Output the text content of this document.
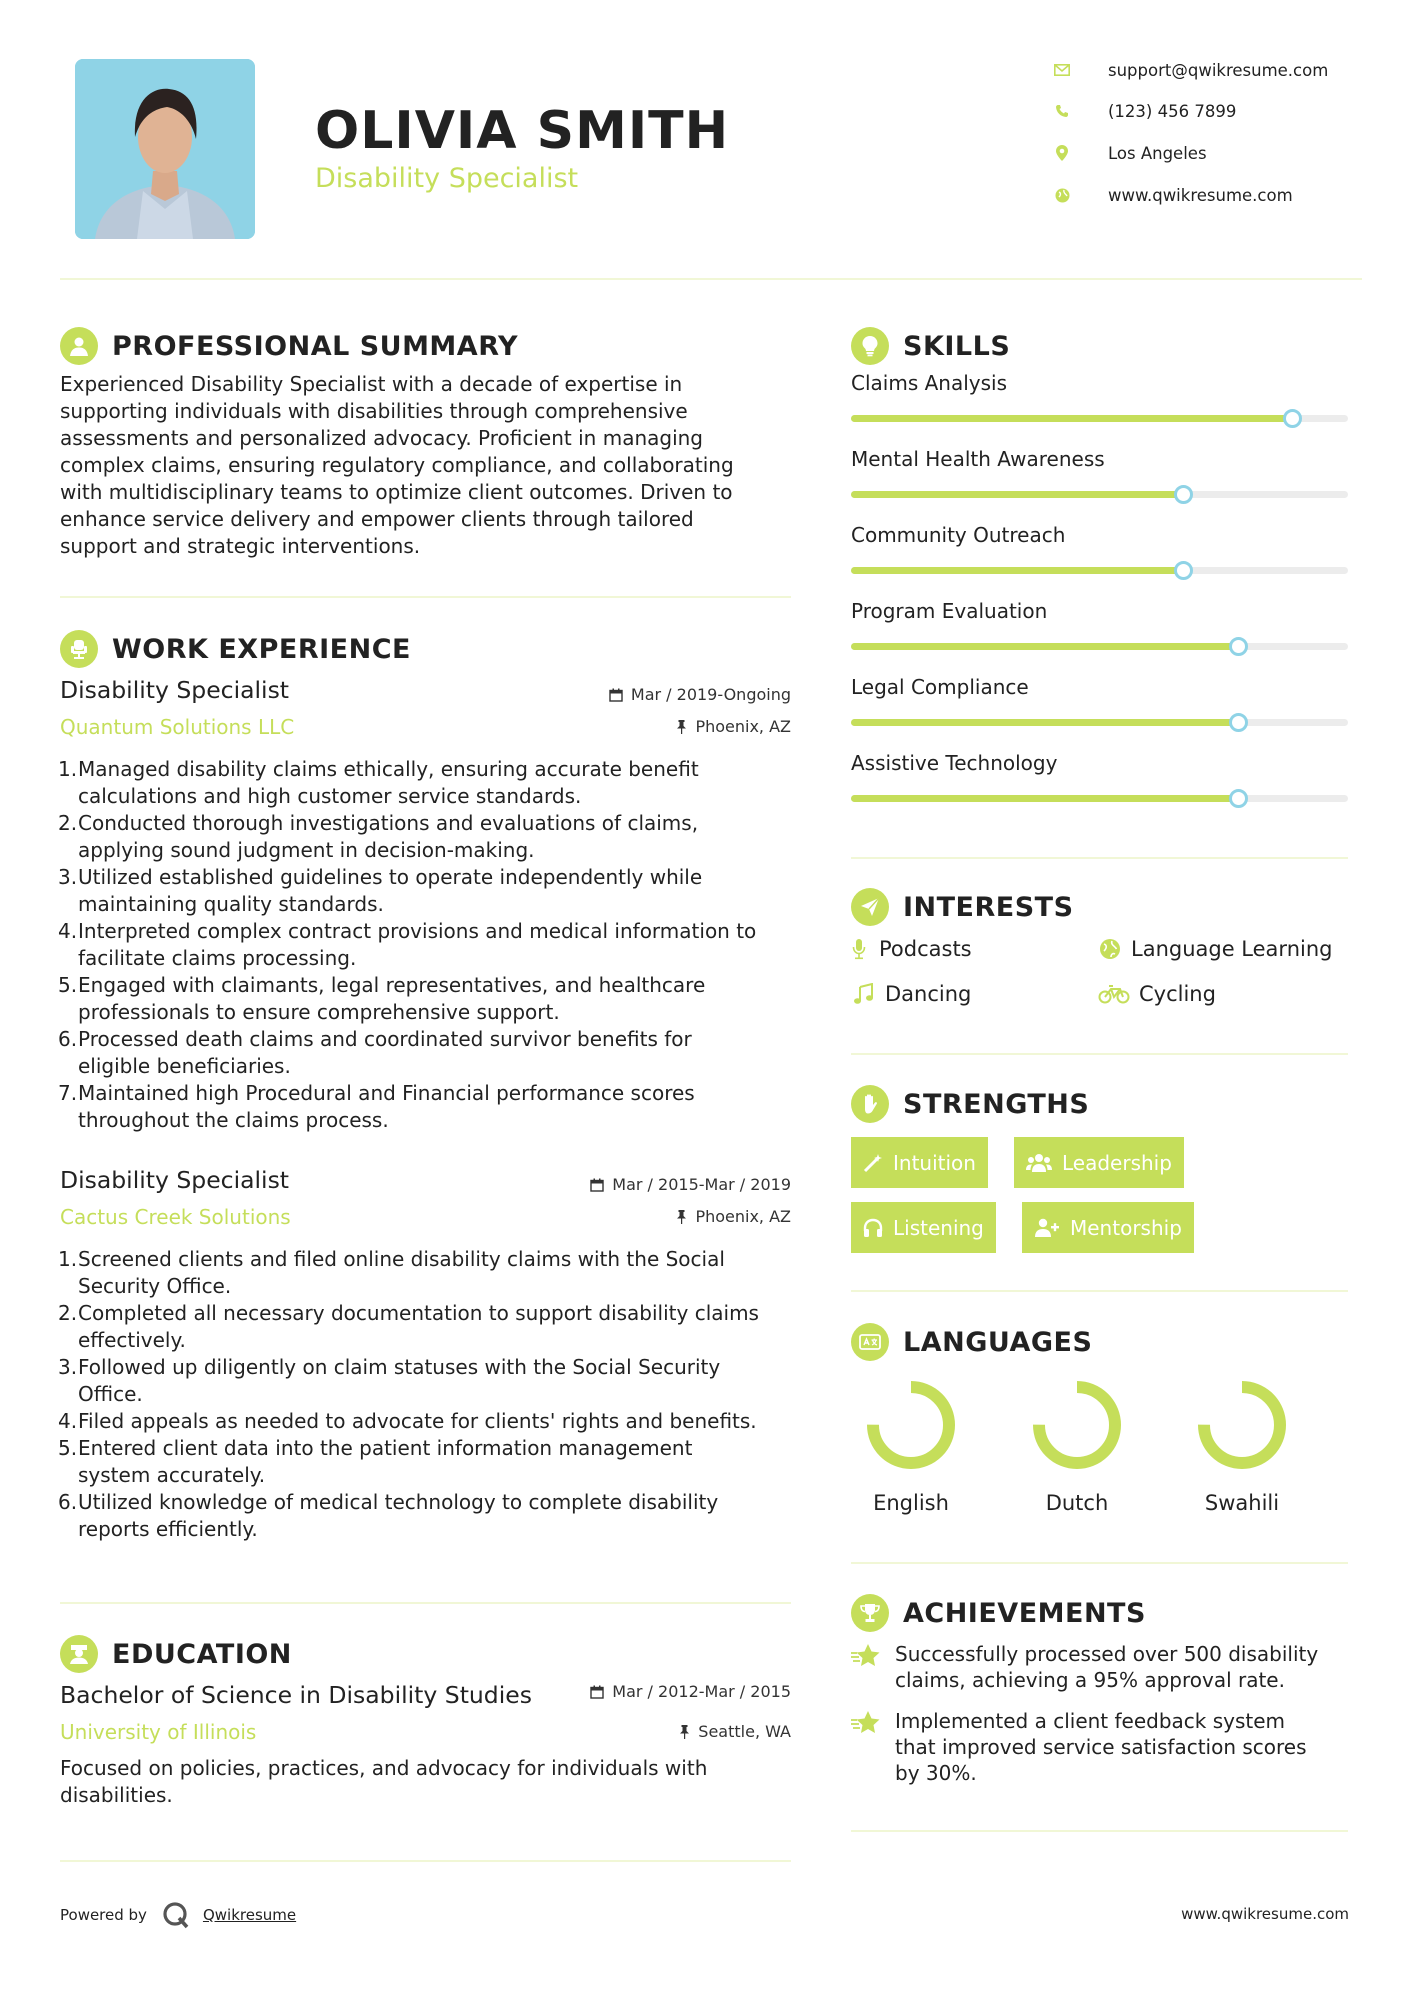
OLIVIA SMITH
Disability Specialist
support@qwikresume.com
(123) 456 7899
Los Angeles
www.qwikresume.com
PROFESSIONAL SUMMARY
Experienced Disability Specialist with a decade of expertise in
supporting individuals with disabilities through comprehensive
assessments and personalized advocacy. Proficient in managing
complex claims, ensuring regulatory compliance, and collaborating
with multidisciplinary teams to optimize client outcomes. Driven to
enhance service delivery and empower clients through tailored
support and strategic interventions.
WORK EXPERIENCE
Disability Specialist
Quantum Solutions LLC
Mar / 2019-Ongoing
Phoenix, AZ
1. Managed disability claims ethically, ensuring accurate benefit
calculations and high customer service standards.
2. Conducted thorough investigations and evaluations of claims,
applying sound judgment in decision-making.
3. Utilized established guidelines to operate independently while
maintaining quality standards.
4. Interpreted complex contract provisions and medical information to
facilitate claims processing.
5. Engaged with claimants, legal representatives, and healthcare
professionals to ensure comprehensive support.
6. Processed death claims and coordinated survivor benefits for
eligible beneficiaries.
7. Maintained high Procedural and Financial performance scores
throughout the claims process.
Disability Specialist
Cactus Creek Solutions
Mar / 2015-Mar / 2019
Phoenix, AZ
1. Screened clients and filed online disability claims with the Social
Security Office.
2. Completed all necessary documentation to support disability claims
effectively.
3. Followed up diligently on claim statuses with the Social Security
Office.
4. Filed appeals as needed to advocate for clients' rights and benefits.
5. Entered client data into the patient information management
system accurately.
6. Utilized knowledge of medical technology to complete disability
reports efficiently.
EDUCATION
Bachelor of Science in Disability Studies
University of Illinois
Mar / 2012-Mar / 2015
Seattle, WA
Focused on policies, practices, and advocacy for individuals with
disabilities.
SKILLS
Claims Analysis
Mental Health Awareness
Community Outreach
Program Evaluation
Legal Compliance
Assistive Technology
INTERESTS
Podcasts	Language Learning
Dancing	Cycling
STRENGTHS
Intuition	Leadership
Listening	Mentorship
LANGUAGES
English	Dutch	Swahili
ACHIEVEMENTS
Successfully processed over 500 disability
claims, achieving a 95% approval rate.
Implemented a client feedback system
that improved service satisfaction scores
by 30%.
Powered by	Qwikresume	www.qwikresume.com
